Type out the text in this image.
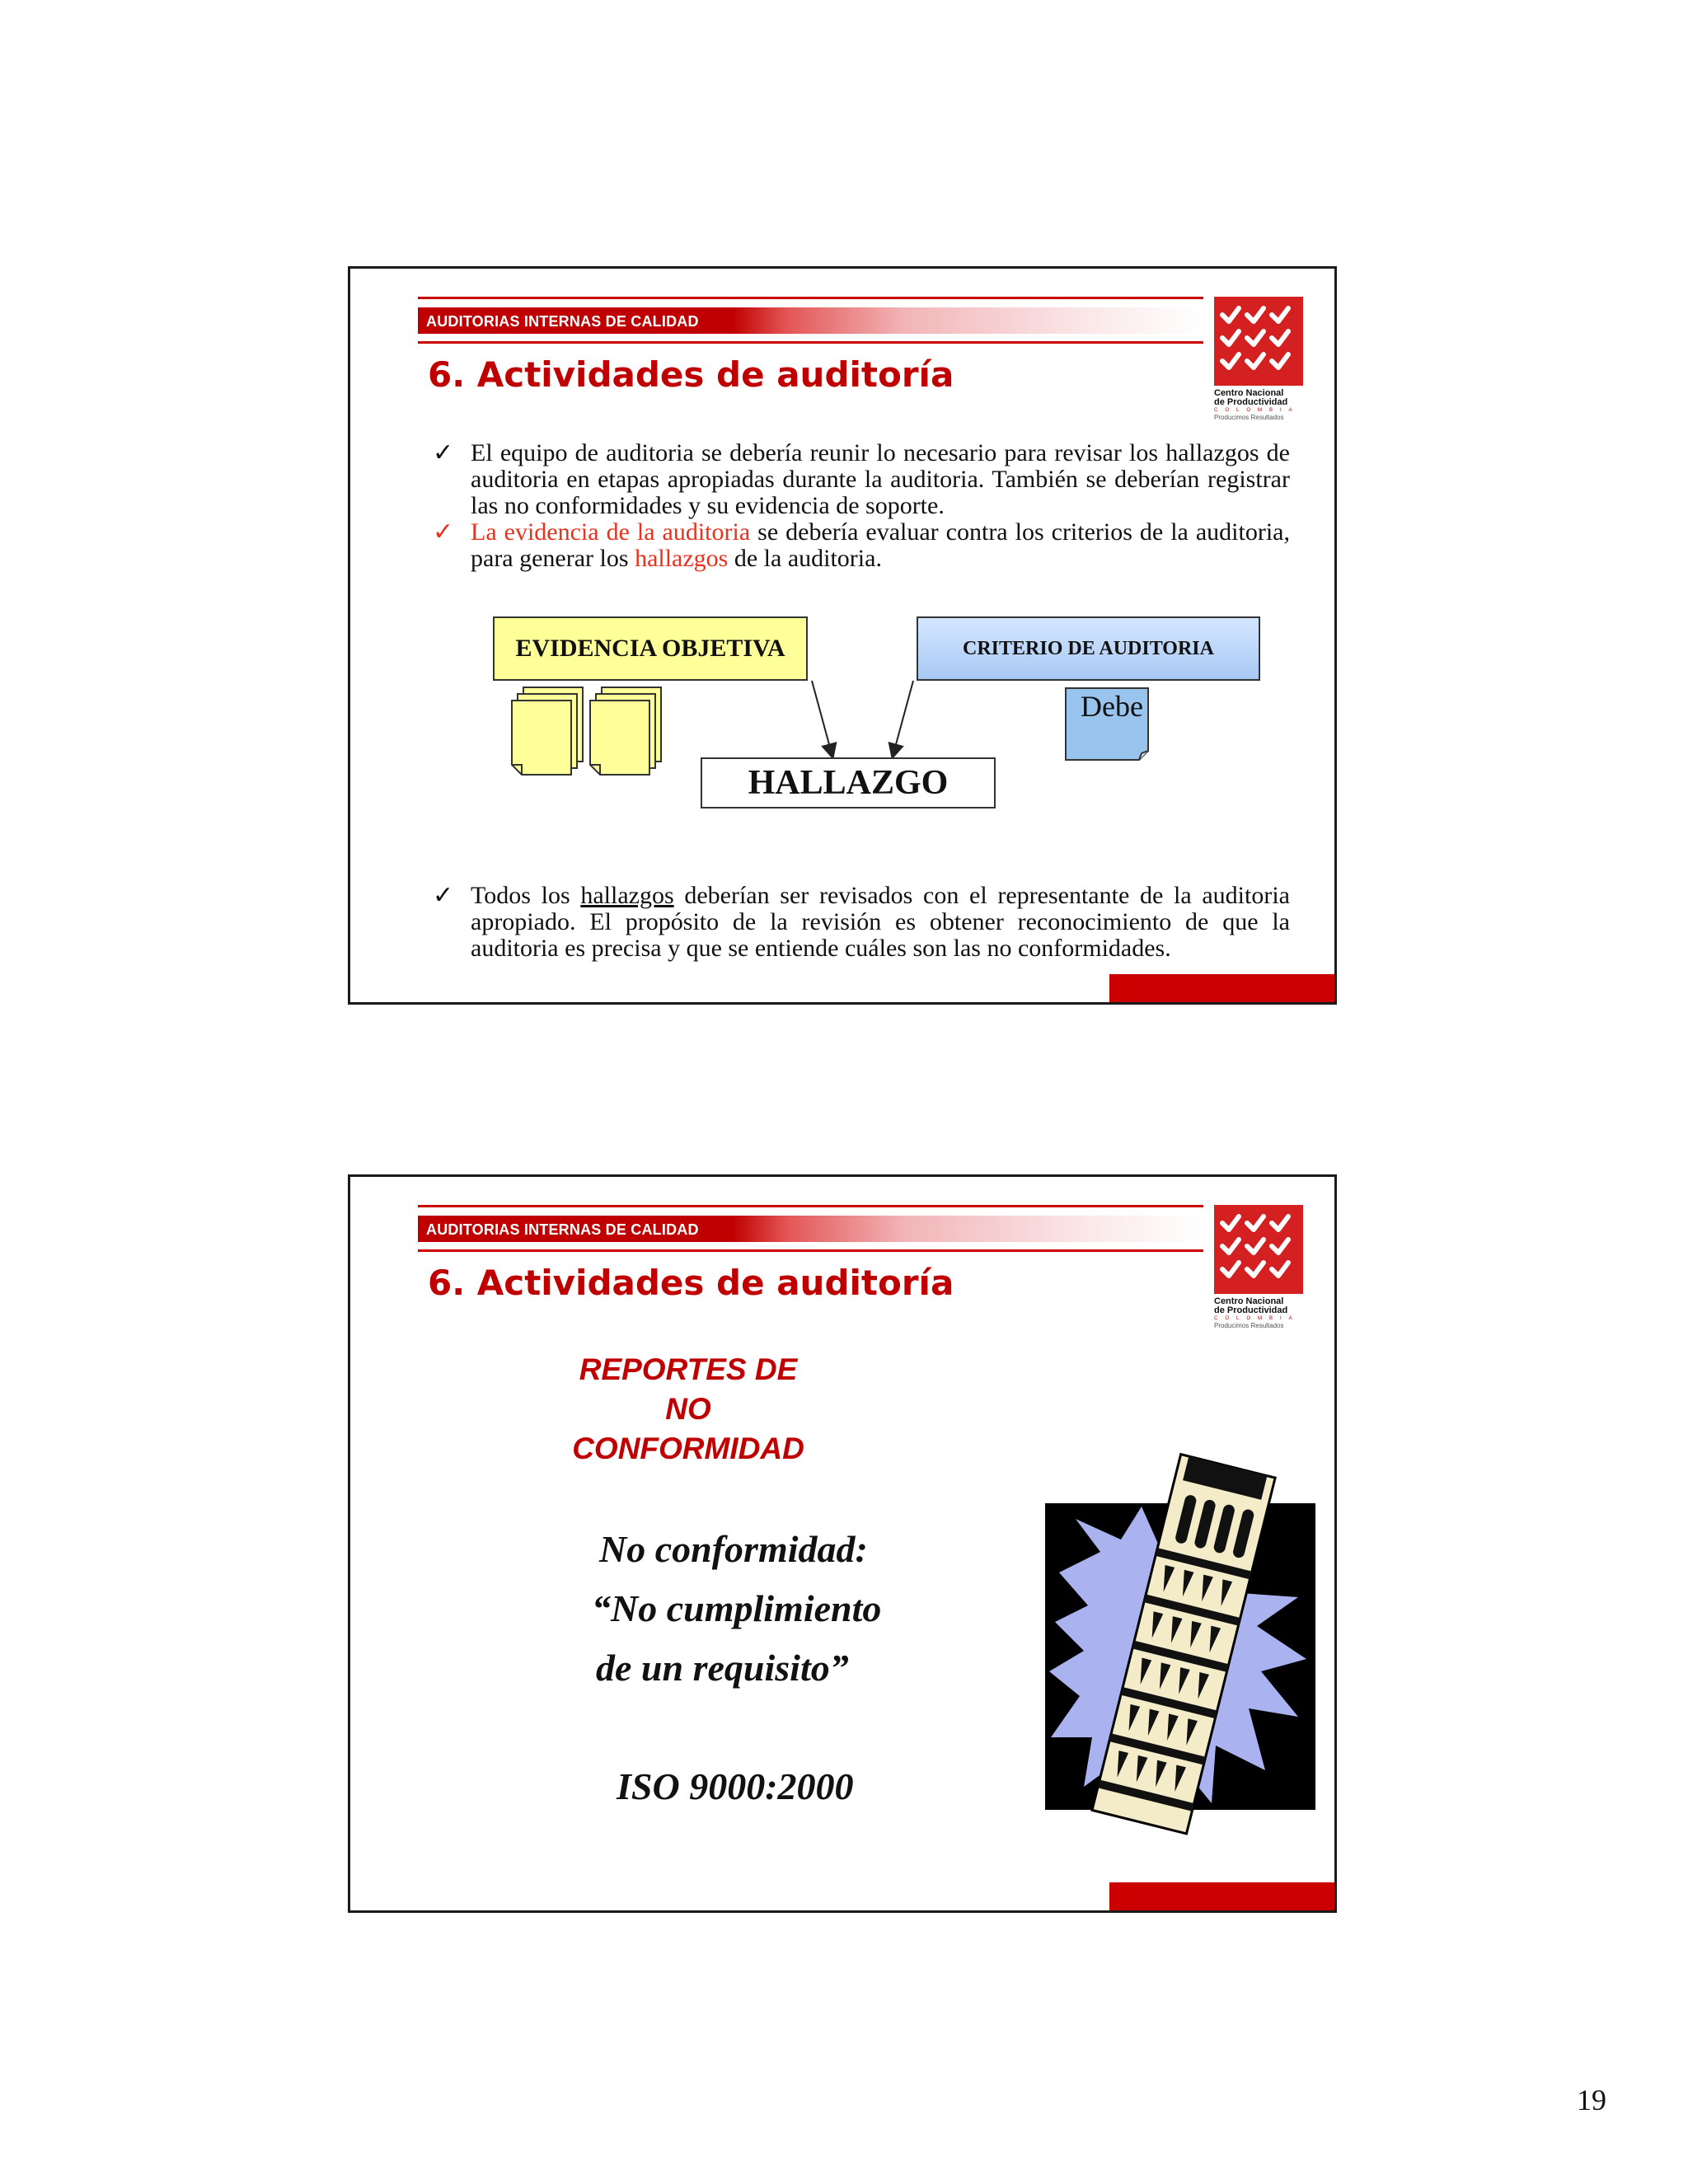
AUDITORIAS INTERNAS DE CALIDAD
6. Actividades de auditoría	Centro Nacional
de Productividad
COLOMBIA
Producimos Resultados
✓ El equipo de auditoria se debería reunir lo necesario para revisar los hallazgos de auditoria en etapas apropiadas durante la auditoria. También se deberían registrar las no conformidades y su evidencia de soporte.
✓ La evidencia de la auditoria se debería evaluar contra los criterios de la auditoria, para generar los hallazgos de la auditoria.
EVIDENCIA OBJETIVA	CRITERIO DE AUDITORIA
HALLAZGO
Debe
✓ Todos los hallazgos deberían ser revisados con el representante de la auditoria apropiado. El propósito de la revisión es obtener reconocimiento de que la auditoria es precisa y que se entiende cuáles son las no conformidades.
AUDITORIAS INTERNAS DE CALIDAD
6. Actividades de auditoría	Centro Nacional
de Productividad
COLOMBIA
Producimos Resultados
REPORTES DE
NO
CONFORMIDAD
No conformidad:
“No cumplimiento
de un requisito”
ISO 9000:2000
19
